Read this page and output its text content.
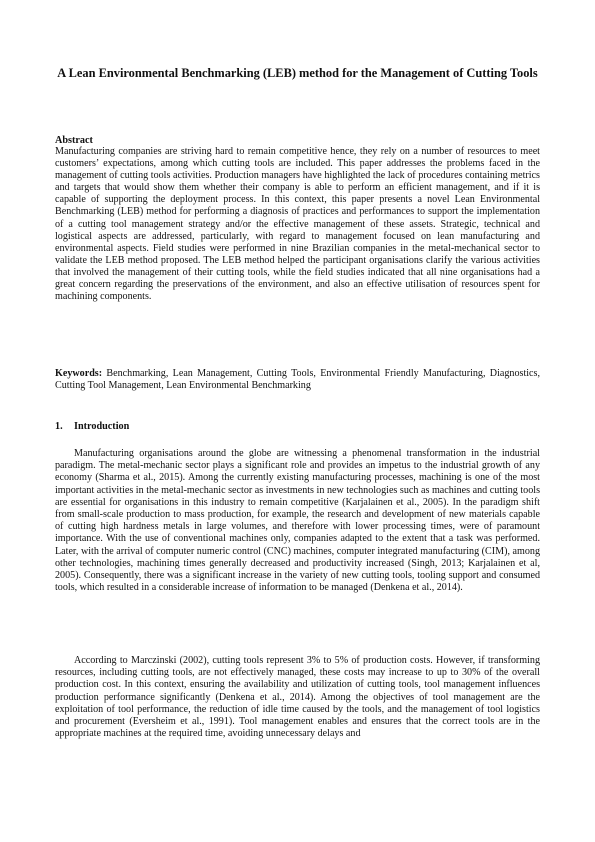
A Lean Environmental Benchmarking (LEB) method for the Management of Cutting Tools
Abstract
Manufacturing companies are striving hard to remain competitive hence, they rely on a number of resources to meet customers’ expectations, among which cutting tools are included. This paper addresses the problems faced in the management of cutting tools activities. Production managers have highlighted the lack of procedures containing metrics and targets that would show them whether their company is able to perform an efficient management, and if it is capable of supporting the deployment process. In this context, this paper presents a novel Lean Environmental Benchmarking (LEB) method for performing a diagnosis of practices and performances to support the implementation of a cutting tool management strategy and/or the effective management of these assets. Strategic, technical and logistical aspects are addressed, particularly, with regard to management focused on lean manufacturing and environmental aspects. Field studies were performed in nine Brazilian companies in the metal-mechanical sector to validate the LEB method proposed. The LEB method helped the participant organisations clarify the various activities that involved the management of their cutting tools, while the field studies indicated that all nine organisations had a great concern regarding the preservations of the environment, and also an effective utilisation of resources spent for machining components.
Keywords: Benchmarking, Lean Management, Cutting Tools, Environmental Friendly Manufacturing, Diagnostics, Cutting Tool Management, Lean Environmental Benchmarking
1. Introduction

Manufacturing organisations around the globe are witnessing a phenomenal transformation in the industrial paradigm. The metal-mechanic sector plays a significant role and provides an impetus to the industrial growth of any economy (Sharma et al., 2015). Among the currently existing manufacturing processes, machining is one of the most important activities in the metal-mechanic sector as investments in new technologies such as machines and cutting tools are essential for organisations in this industry to remain competitive (Karjalainen et al., 2005). In the paradigm shift from small-scale production to mass production, for example, the research and development of new materials capable of cutting high hardness metals in large volumes, and therefore with lower processing times, were of paramount importance. With the use of conventional machines only, companies adapted to the extent that a task was performed. Later, with the arrival of computer numeric control (CNC) machines, computer integrated manufacturing (CIM), among other technologies, machining times generally decreased and productivity increased (Singh, 2013; Karjalainen et al, 2005). Consequently, there was a significant increase in the variety of new cutting tools, tooling support and consumed tools, which resulted in a considerable increase of information to be managed (Denkena et al., 2014).

According to Marczinski (2002), cutting tools represent 3% to 5% of production costs. However, if transforming resources, including cutting tools, are not effectively managed, these costs may increase to up to 30% of the overall production cost. In this context, ensuring the availability and utilization of cutting tools, tool management influences production performance significantly (Denkena et al., 2014). Among the objectives of tool management are the exploitation of tool performance, the reduction of idle time caused by the tools, and the management of tool logistics and procurement (Eversheim et al., 1991). Tool management enables and ensures that the correct tools are in the appropriate machines at the required time, avoiding unnecessary delays and
